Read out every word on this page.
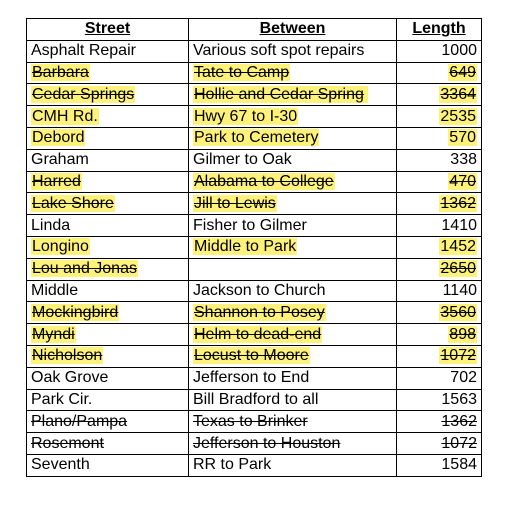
Street	Between	Length
Asphalt Repair	Various soft spot repairs	1000
Barbara	Tate to Camp	649
Cedar Springs	Hollie and Cedar Spring	3364
CMH Rd.	Hwy 67 to I-30	2535
Debord	Park to Cemetery	570
Graham	Gilmer to Oak	338
Harred	Alabama to College	470
Lake Shore	Jill to Lewis	1362
Linda	Fisher to Gilmer	1410
Longino	Middle to Park	1452
Lou and Jonas		2650
Middle	Jackson to Church	1140
Mockingbird	Shannon to Posey	3560
Myndi	Helm to dead-end	898
Nicholson	Locust to Moore	1072
Oak Grove	Jefferson to End	702
Park Cir.	Bill Bradford to all	1563
Plano/Pampa	Texas to Brinker	1362
Rosemont	Jefferson to Houston	1072
Seventh	RR to Park	1584
